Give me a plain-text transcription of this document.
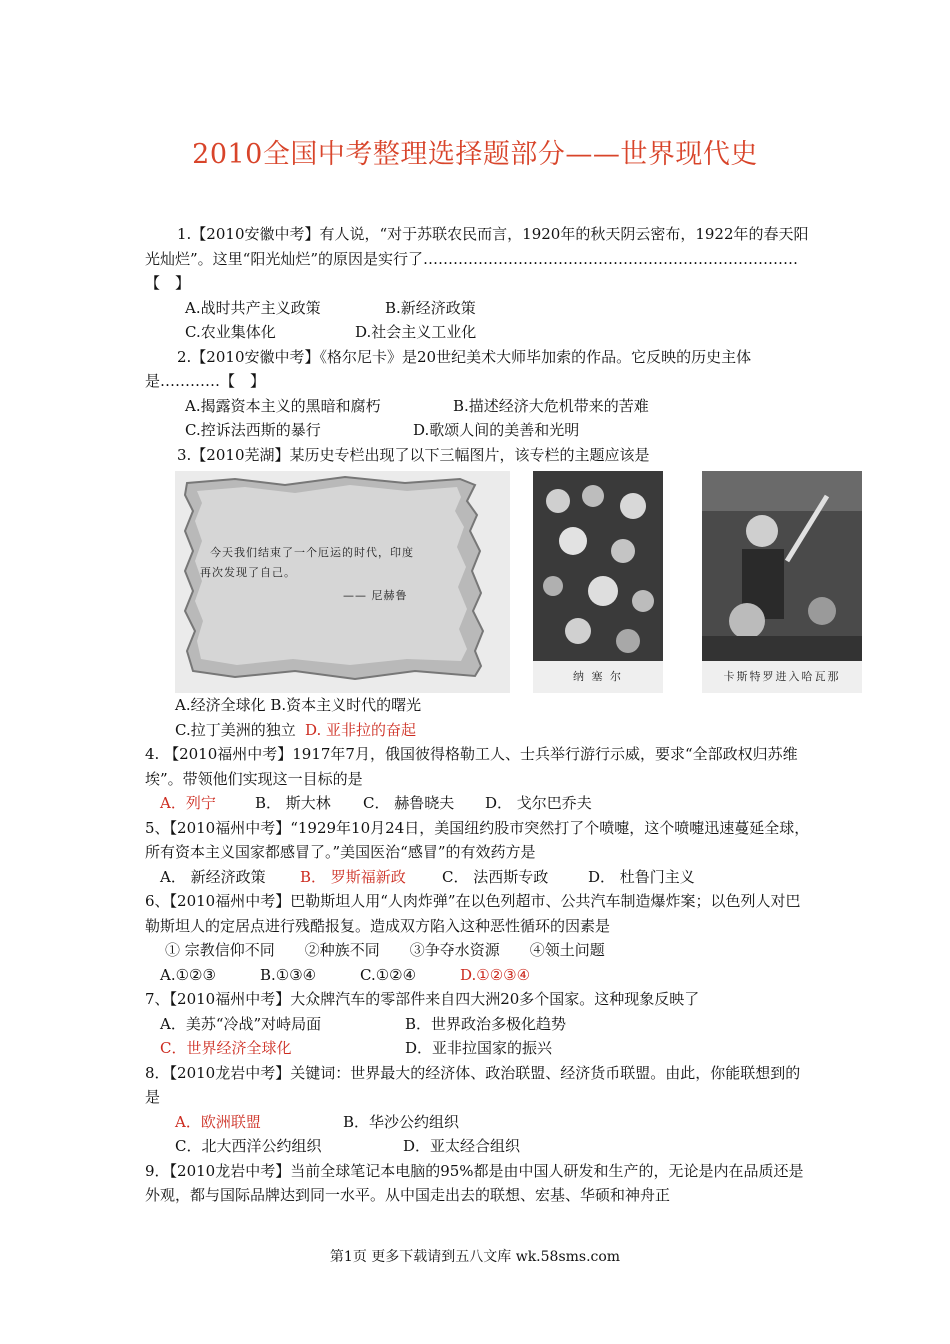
2010全国中考整理选择题部分——世界现代史

1.【2010安徽中考】有人说，“对于苏联农民而言，1920年的秋天阴云密布，1922年的春天阳光灿烂”。这里“阳光灿烂”的原因是实行了…………………………………………………………………【　】

A.战时共产主义政策	B.新经济政策
C.农业集体化	D.社会主义工业化

2.【2010安徽中考】《格尔尼卡》是20世纪美术大师毕加索的作品。它反映的历史主体是…………【　】

A.揭露资本主义的黑暗和腐朽	B.描述经济大危机带来的苦难
C.控诉法西斯的暴行	D.歌颂人间的美善和光明

3.【2010芜湖】某历史专栏出现了以下三幅图片，该专栏的主题应该是

今天我们结束了一个厄运的时代，印度
再次发现了自己。
—— 尼赫鲁
纳 塞 尔	卡斯特罗进入哈瓦那
A.经济全球化 B.资本主义时代的曙光
C.拉丁美洲的独立 D. 亚非拉的奋起

4. 【2010福州中考】1917年7月，俄国彼得格勒工人、士兵举行游行示威，要求“全部政权归苏维埃”。带领他们实现这一目标的是

A．列宁	B． 斯大林 C． 赫鲁晓夫 D． 戈尔巴乔夫

5、【2010福州中考】“1929年10月24日，美国纽约股市突然打了个喷嚏，这个喷嚏迅速蔓延全球，所有资本主义国家都感冒了。”美国医治“感冒”的有效药方是

A． 新经济政策 B． 罗斯福新政 C． 法西斯专政	D． 杜鲁门主义

6、【2010福州中考】巴勒斯坦人用“人肉炸弹”在以色列超市、公共汽车制造爆炸案；以色列人对巴勒斯坦人的定居点进行残酷报复。造成双方陷入这种恶性循环的因素是

① 宗教信仰不同　　②种族不同　　③争夺水资源　　④领土问题
A.①②③	B.①③④	C.①②④	D.①②③④

7、【2010福州中考】大众牌汽车的零部件来自四大洲20多个国家。这种现象反映了

A．美苏“冷战”对峙局面	B．世界政治多极化趋势
C．世界经济全球化	D．亚非拉国家的振兴

8．【2010龙岩中考】关键词：世界最大的经济体、政治联盟、经济货币联盟。由此，你能联想到的是

A．欧洲联盟	B．华沙公约组织
C．北大西洋公约组织	D．亚太经合组织

9．【2010龙岩中考】当前全球笔记本电脑的95%都是由中国人研发和生产的，无论是内在品质还是外观，都与国际品牌达到同一水平。从中国走出去的联想、宏基、华硕和神舟正

第1页 更多下载请到五八文库 wk.58sms.com
